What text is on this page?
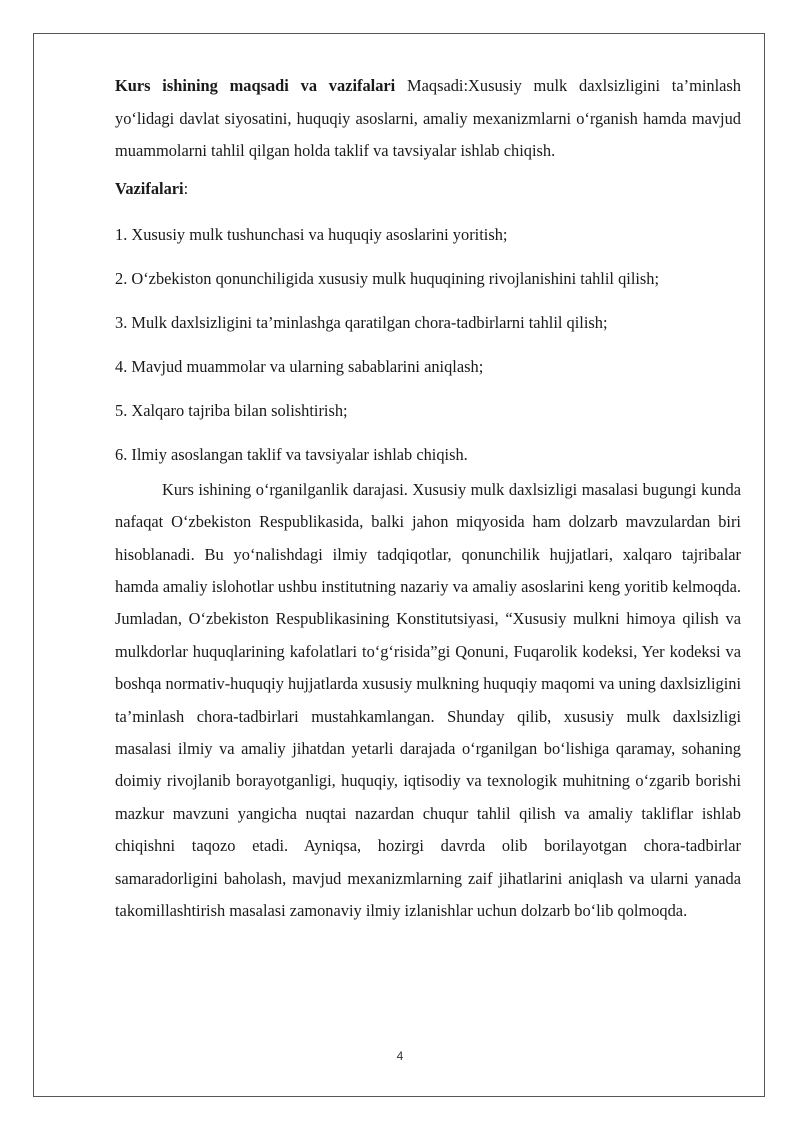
Kurs ishining maqsadi va vazifalari Maqsadi:Xususiy mulk daxlsizligini ta’minlash yo‘lidagi davlat siyosatini, huquqiy asoslarni, amaliy mexanizmlarni o‘rganish hamda mavjud muammolarni tahlil qilgan holda taklif va tavsiyalar ishlab chiqish.

Vazifalari:

1. Xususiy mulk tushunchasi va huquqiy asoslarini yoritish;
2. O‘zbekiston qonunchiligida xususiy mulk huquqining rivojlanishini tahlil qilish;
3. Mulk daxlsizligini ta’minlashga qaratilgan chora-tadbirlarni tahlil qilish;
4. Mavjud muammolar va ularning sabablarini aniqlash;
5. Xalqaro tajriba bilan solishtirish;
6. Ilmiy asoslangan taklif va tavsiyalar ishlab chiqish.

Kurs ishining o‘rganilganlik darajasi. Xususiy mulk daxlsizligi masalasi bugungi kunda nafaqat O‘zbekiston Respublikasida, balki jahon miqyosida ham dolzarb mavzulardan biri hisoblanadi. Bu yo‘nalishdagi ilmiy tadqiqotlar, qonunchilik hujjatlari, xalqaro tajribalar hamda amaliy islohotlar ushbu institutning nazariy va amaliy asoslarini keng yoritib kelmoqda. Jumladan, O‘zbekiston Respublikasining Konstitutsiyasi, “Xususiy mulkni himoya qilish va mulkdorlar huquqlarining kafolatlari to‘g‘risida”gi Qonuni, Fuqarolik kodeksi, Yer kodeksi va boshqa normativ-huquqiy hujjatlarda xususiy mulkning huquqiy maqomi va uning daxlsizligini ta’minlash chora-tadbirlari mustahkamlangan. Shunday qilib, xususiy mulk daxlsizligi masalasi ilmiy va amaliy jihatdan yetarli darajada o‘rganilgan bo‘lishiga qaramay, sohaning doimiy rivojlanib borayotganligi, huquqiy, iqtisodiy va texnologik muhitning o‘zgarib borishi mazkur mavzuni yangicha nuqtai nazardan chuqur tahlil qilish va amaliy takliflar ishlab chiqishni taqozo etadi. Ayniqsa, hozirgi davrda olib borilayotgan chora-tadbirlar samaradorligini baholash, mavjud mexanizmlarning zaif jihatlarini aniqlash va ularni yanada takomillashtirish masalasi zamonaviy ilmiy izlanishlar uchun dolzarb bo‘lib qolmoqda.

4
